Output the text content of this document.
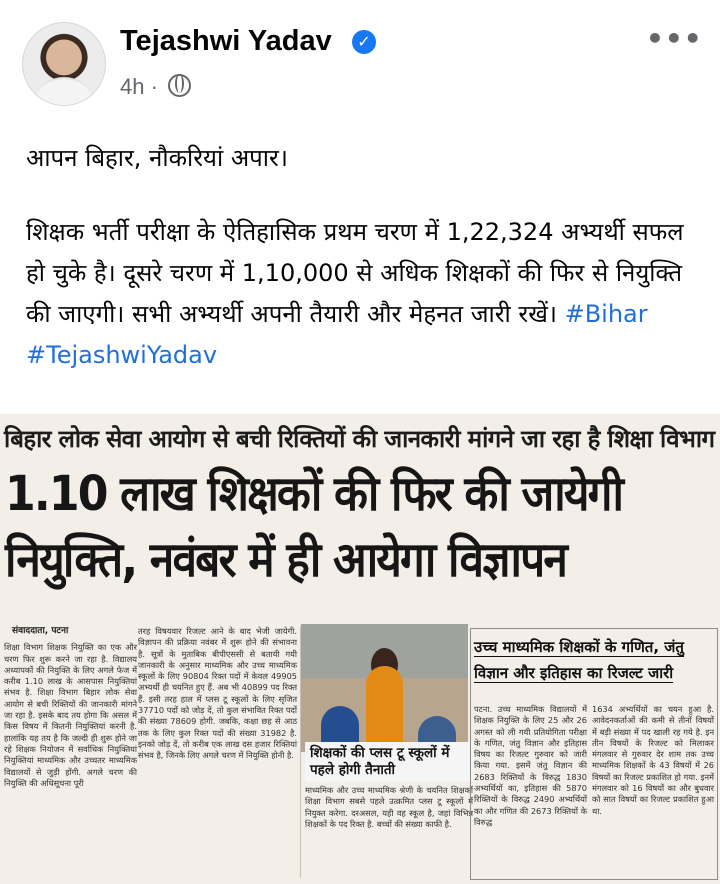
Tejashwi Yadav	✓
4h ·
•••

आपन बिहार, नौकरियां अपार।

शिक्षक भर्ती परीक्षा के ऐतिहासिक प्रथम चरण में 1,22,324 अभ्यर्थी सफल हो चुके है। दूसरे चरण में 1,10,000 से अधिक शिक्षकों की फिर से नियुक्ति की जाएगी। सभी अभ्यर्थी अपनी तैयारी और मेहनत जारी रखें। #Bihar #TejashwiYadav

बिहार लोक सेवा आयोग से बची रिक्तियों की जानकारी मांगने जा रहा है शिक्षा विभाग
1.10 लाख शिक्षकों की फिर की जायेगी
नियुक्ति, नवंबर में ही आयेगा विज्ञापन
संवाददाता, पटना

शिक्षा विभाग शिक्षक नियुक्ति का एक और चरण फिर शुरू करने जा रहा है. विद्यालय अध्यापकों की नियुक्ति के लिए अगले फेज में करीब 1.10 लाख के आसपास नियुक्तियां संभव है. शिक्षा विभाग बिहार लोक सेवा आयोग से बची रिक्तियों की जानकारी मांगने जा रहा है. इसके बाद तय होगा कि असल में किस विषय में कितनी नियुक्तियां करनी है. हालांकि यह तय है कि जल्दी ही शुरू होने जा रहे शिक्षक नियोजन में सर्वाधिक नियुक्तियां नियुक्तियां माध्यमिक और उच्चतर माध्यमिक विद्यालयों से जुड़ी होंगी. अगले चरण की नियुक्ति की अधिसूचना पूरी

तरह विषयवार रिजल्ट आने के बाद भेजी जायेगी. विज्ञापन की प्रक्रिया नवंबर में शुरू होने की संभावना है. सूत्रों के मुताबिक बीपीएससी से बतायी गयी जानकारी के अनुसार माध्यमिक और उच्च माध्यमिक स्कूलों के लिए 90804 रिक्त पदों में केवल 49905 अभ्यर्थी ही चयनित हुए हैं. अब भी 40899 पद रिक्त हैं. इसी तरह हाल में प्लस टू स्कूलों के लिए सृजित 37710 पदों को जोड़ दें, तो कुल संभावित रिक्त पदों की संख्या 78609 होगी. जबकि, कक्षा छह से आठ तक के लिए कुल रिक्त पदों की संख्या 31982 है. इनको जोड़ दें, तो करीब एक लाख दस हजार रिक्तियां संभव है, जिनके लिए अगले चरण में नियुक्ति होनी है.	शिक्षकों की प्लस टू स्कूलों में पहले होगी तैनाती

माध्यमिक और उच्च माध्यमिक श्रेणी के चयनित शिक्षकों शिक्षा विभाग सबसे पहले उत्क्रमित प्लस टू स्कूलों में नियुक्त करेगा. दरअसल, यही वह स्कूल है, जहां विभिन्न शिक्षकों के पद रिक्त है. बच्चों की संख्या काफी है.

उच्च माध्यमिक शिक्षकों के गणित, जंतु विज्ञान और इतिहास का रिजल्ट जारी

पटना. उच्च माध्यमिक विद्यालयों में शिक्षक नियुक्ति के लिए 25 और 26 अगस्त को ली गयी प्रतियोगिता परीक्षा के गणित, जंतु विज्ञान और इतिहास विषय का रिजल्ट गुरुवार को जारी किया गया. इसमें जंतु विज्ञान की 2683 रिक्तियों के विरुद्ध 1830 अभ्यर्थियों का, इतिहास की 5870 रिक्तियों के विरुद्ध 2490 अभ्यर्थियों का और गणित की 2673 रिक्तियों के विरुद्ध

1634 अभ्यर्थियों का चयन हुआ है. आवेदनकर्ताओं की कमी से तीनों विषयों में बड़ी संख्या में पद खाली रह गये है. इन तीन विषयों के रिजल्ट को मिलाकर मंगलवार से गुरुवार देर शाम तक उच्च माध्यमिक शिक्षकों के 43 विषयों में 26 विषयों का रिजल्ट प्रकाशित हो गया. इनमें मंगलवार को 16 विषयों का और बुधवार को सात विषयों का रिजल्ट प्रकाशित हुआ था.
